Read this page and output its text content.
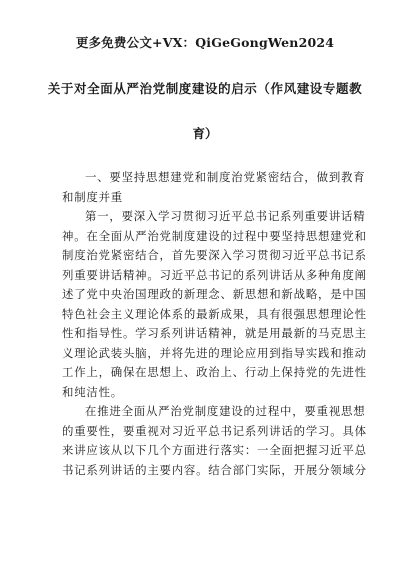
更多免费公文+VX：QiGeGongWen2024
关于对全面从严治党制度建设的启示（作风建设专题教
育）
一、要坚持思想建党和制度治党紧密结合，做到教育
和制度并重
第一，要深入学习贯彻习近平总书记系列重要讲话精
神。在全面从严治党制度建设的过程中要坚持思想建党和
制度治党紧密结合，首先要深入学习贯彻习近平总书记系
列重要讲话精神。习近平总书记的系列讲话从多种角度阐
述了党中央治国理政的新理念、新思想和新战略，是中国
特色社会主义理论体系的最新成果，具有很强思想理论性
性和指导性。学习系列讲话精神，就是用最新的马克思主
义理论武装头脑，并将先进的理论应用到指导实践和推动
工作上，确保在思想上、政治上、行动上保持党的先进性
和纯洁性。
在推进全面从严治党制度建设的过程中，要重视思想
的重要性，要重视对习近平总书记系列讲话的学习。具体
来讲应该从以下几个方面进行落实：一全面把握习近平总
书记系列讲话的主要内容。结合部门实际，开展分领域分
